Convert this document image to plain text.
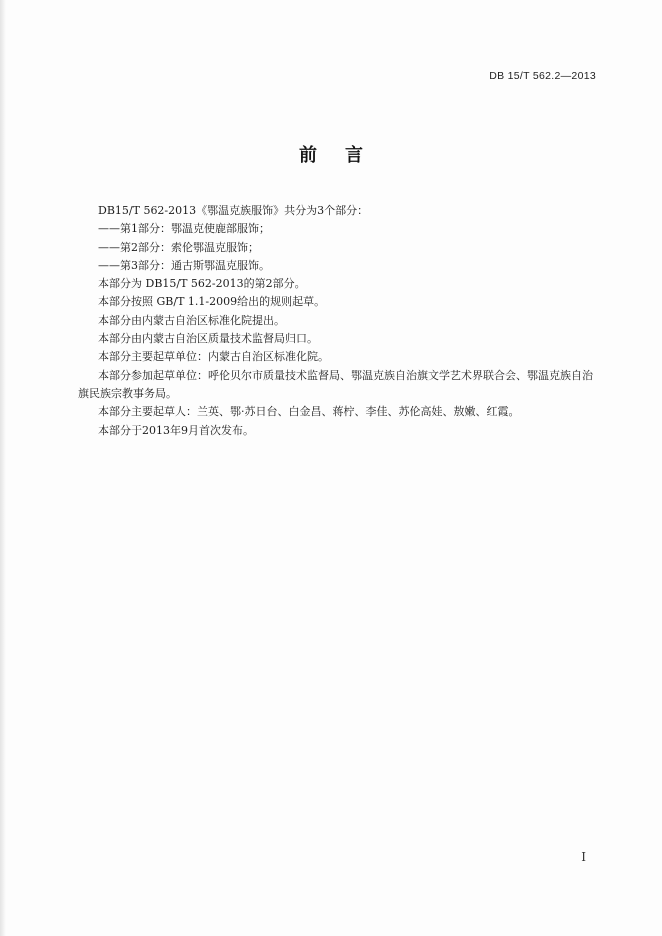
DB 15/T 562.2—2013
前 言

DB15/T 562-2013《鄂温克族服饰》共分为3个部分：

——第1部分：鄂温克使鹿部服饰；

——第2部分：索伦鄂温克服饰；

——第3部分：通古斯鄂温克服饰。

本部分为 DB15/T 562-2013的第2部分。

本部分按照 GB/T 1.1-2009给出的规则起草。

本部分由内蒙古自治区标准化院提出。

本部分由内蒙古自治区质量技术监督局归口。

本部分主要起草单位：内蒙古自治区标准化院。

本部分参加起草单位：呼伦贝尔市质量技术监督局、鄂温克族自治旗文学艺术界联合会、鄂温克族自治旗民族宗教事务局。

本部分主要起草人：兰英、鄂·苏日台、白金昌、蒋柠、李佳、苏伦高娃、敖嫩、红霞。

本部分于2013年9月首次发布。

I
